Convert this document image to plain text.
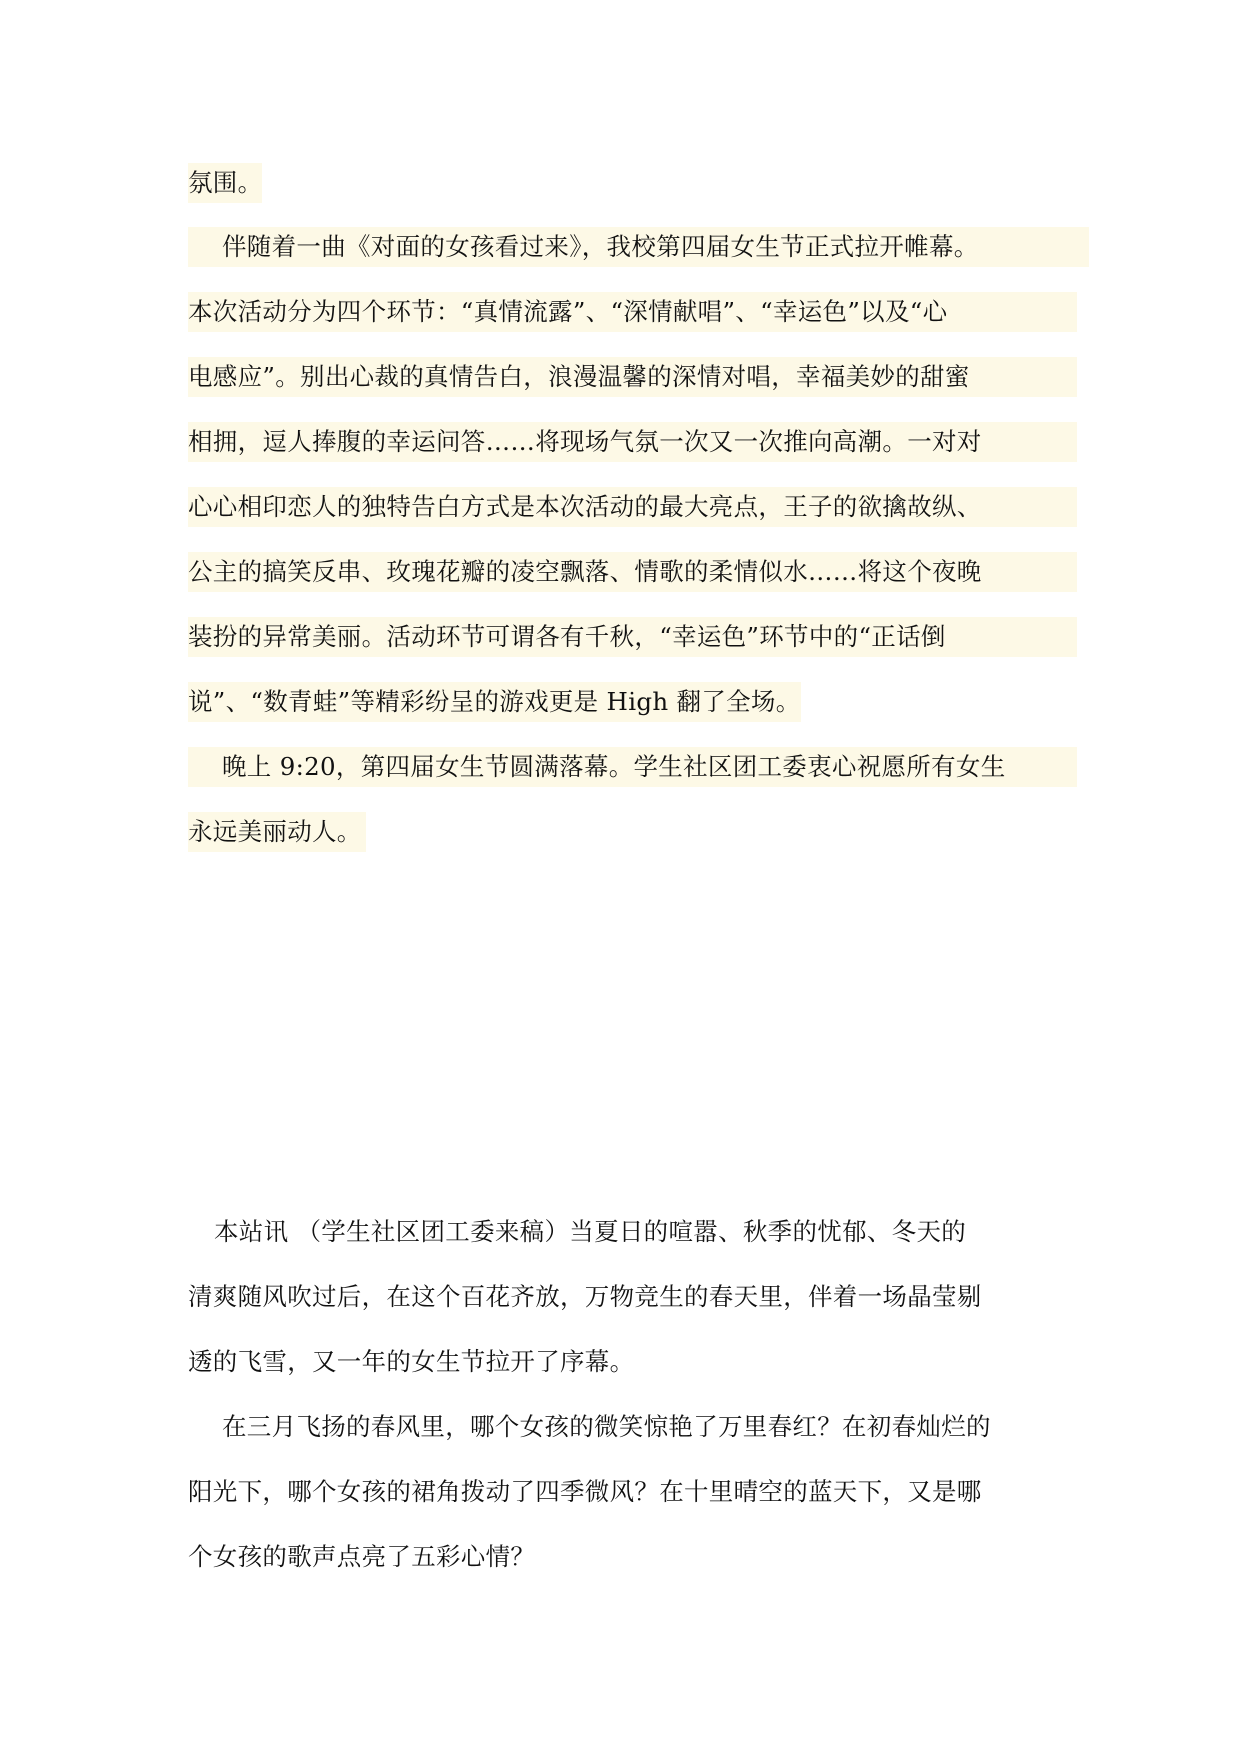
氛围。
伴随着一曲《对面的女孩看过来》，我校第四届女生节正式拉开帷幕。
本次活动分为四个环节：“真情流露”、“深情献唱”、“幸运色”以及“心
电感应”。别出心裁的真情告白，浪漫温馨的深情对唱，幸福美妙的甜蜜
相拥，逗人捧腹的幸运问答……将现场气氛一次又一次推向高潮。一对对
心心相印恋人的独特告白方式是本次活动的最大亮点，王子的欲擒故纵、
公主的搞笑反串、玫瑰花瓣的凌空飘落、情歌的柔情似水……将这个夜晚
装扮的异常美丽。活动环节可谓各有千秋，“幸运色”环节中的“正话倒
说”、“数青蛙”等精彩纷呈的游戏更是 High 翻了全场。
晚上 9:20，第四届女生节圆满落幕。学生社区团工委衷心祝愿所有女生
永远美丽动人。
本站讯 （学生社区团工委来稿）当夏日的喧嚣、秋季的忧郁、冬天的
清爽随风吹过后，在这个百花齐放，万物竞生的春天里，伴着一场晶莹剔
透的飞雪，又一年的女生节拉开了序幕。
在三月飞扬的春风里，哪个女孩的微笑惊艳了万里春红？在初春灿烂的
阳光下，哪个女孩的裙角拨动了四季微风？在十里晴空的蓝天下，又是哪
个女孩的歌声点亮了五彩心情？
